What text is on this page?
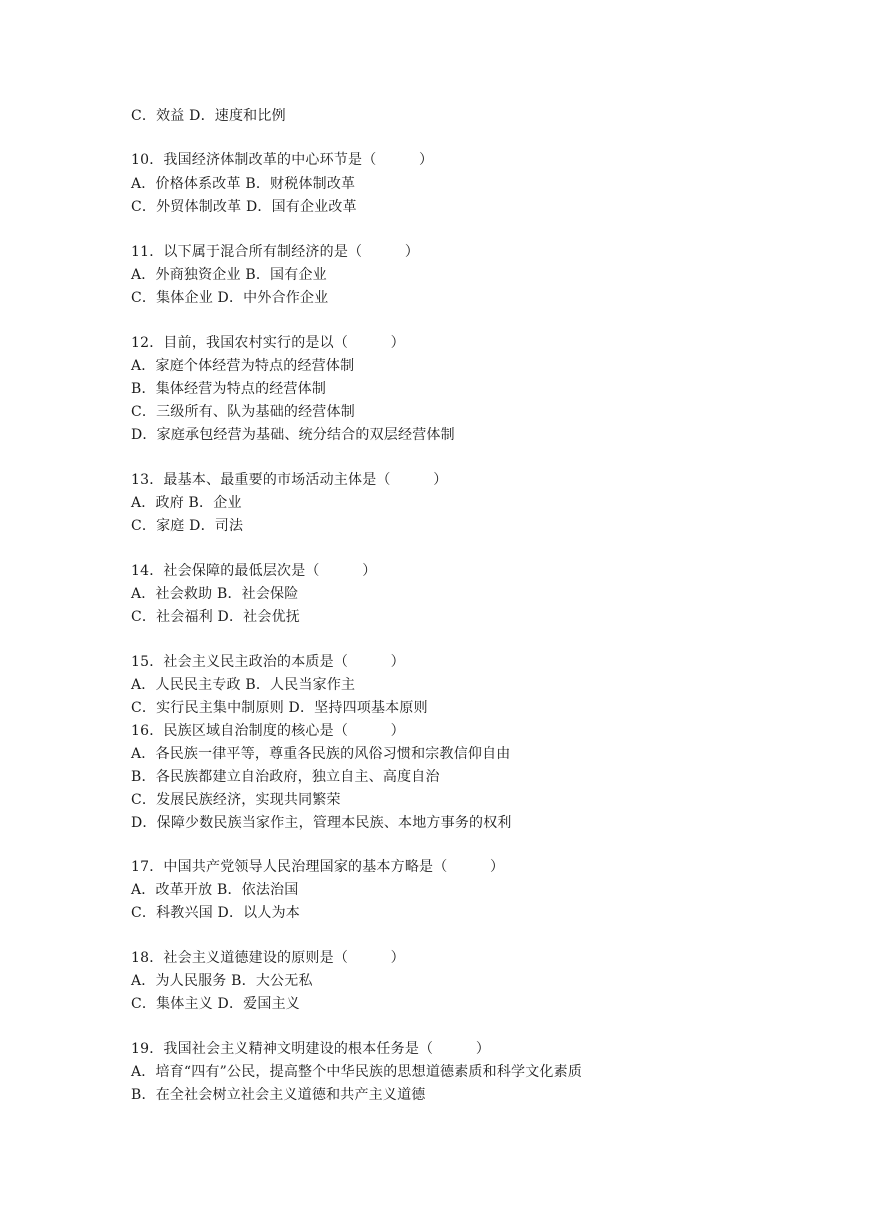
C．效益 D．速度和比例
10．我国经济体制改革的中心环节是（　　　）
A．价格体系改革 B．财税体制改革
C．外贸体制改革 D．国有企业改革
11．以下属于混合所有制经济的是（　　　）
A．外商独资企业 B．国有企业
C．集体企业 D．中外合作企业
12．目前，我国农村实行的是以（　　　）
A．家庭个体经营为特点的经营体制
B．集体经营为特点的经营体制
C．三级所有、队为基础的经营体制
D．家庭承包经营为基础、统分结合的双层经营体制
13．最基本、最重要的市场活动主体是（　　　）
A．政府 B．企业
C．家庭 D．司法
14．社会保障的最低层次是（　　　）
A．社会救助 B．社会保险
C．社会福利 D．社会优抚
15．社会主义民主政治的本质是（　　　）
A．人民民主专政 B．人民当家作主
C．实行民主集中制原则 D．坚持四项基本原则
16．民族区域自治制度的核心是（　　　）
A．各民族一律平等，尊重各民族的风俗习惯和宗教信仰自由
B．各民族都建立自治政府，独立自主、高度自治
C．发展民族经济，实现共同繁荣
D．保障少数民族当家作主，管理本民族、本地方事务的权利
17．中国共产党领导人民治理国家的基本方略是（　　　）
A．改革开放 B．依法治国
C．科教兴国 D．以人为本
18．社会主义道德建设的原则是（　　　）
A．为人民服务 B．大公无私
C．集体主义 D．爱国主义
19．我国社会主义精神文明建设的根本任务是（　　　）
A．培育“四有”公民，提高整个中华民族的思想道德素质和科学文化素质
B．在全社会树立社会主义道德和共产主义道德
